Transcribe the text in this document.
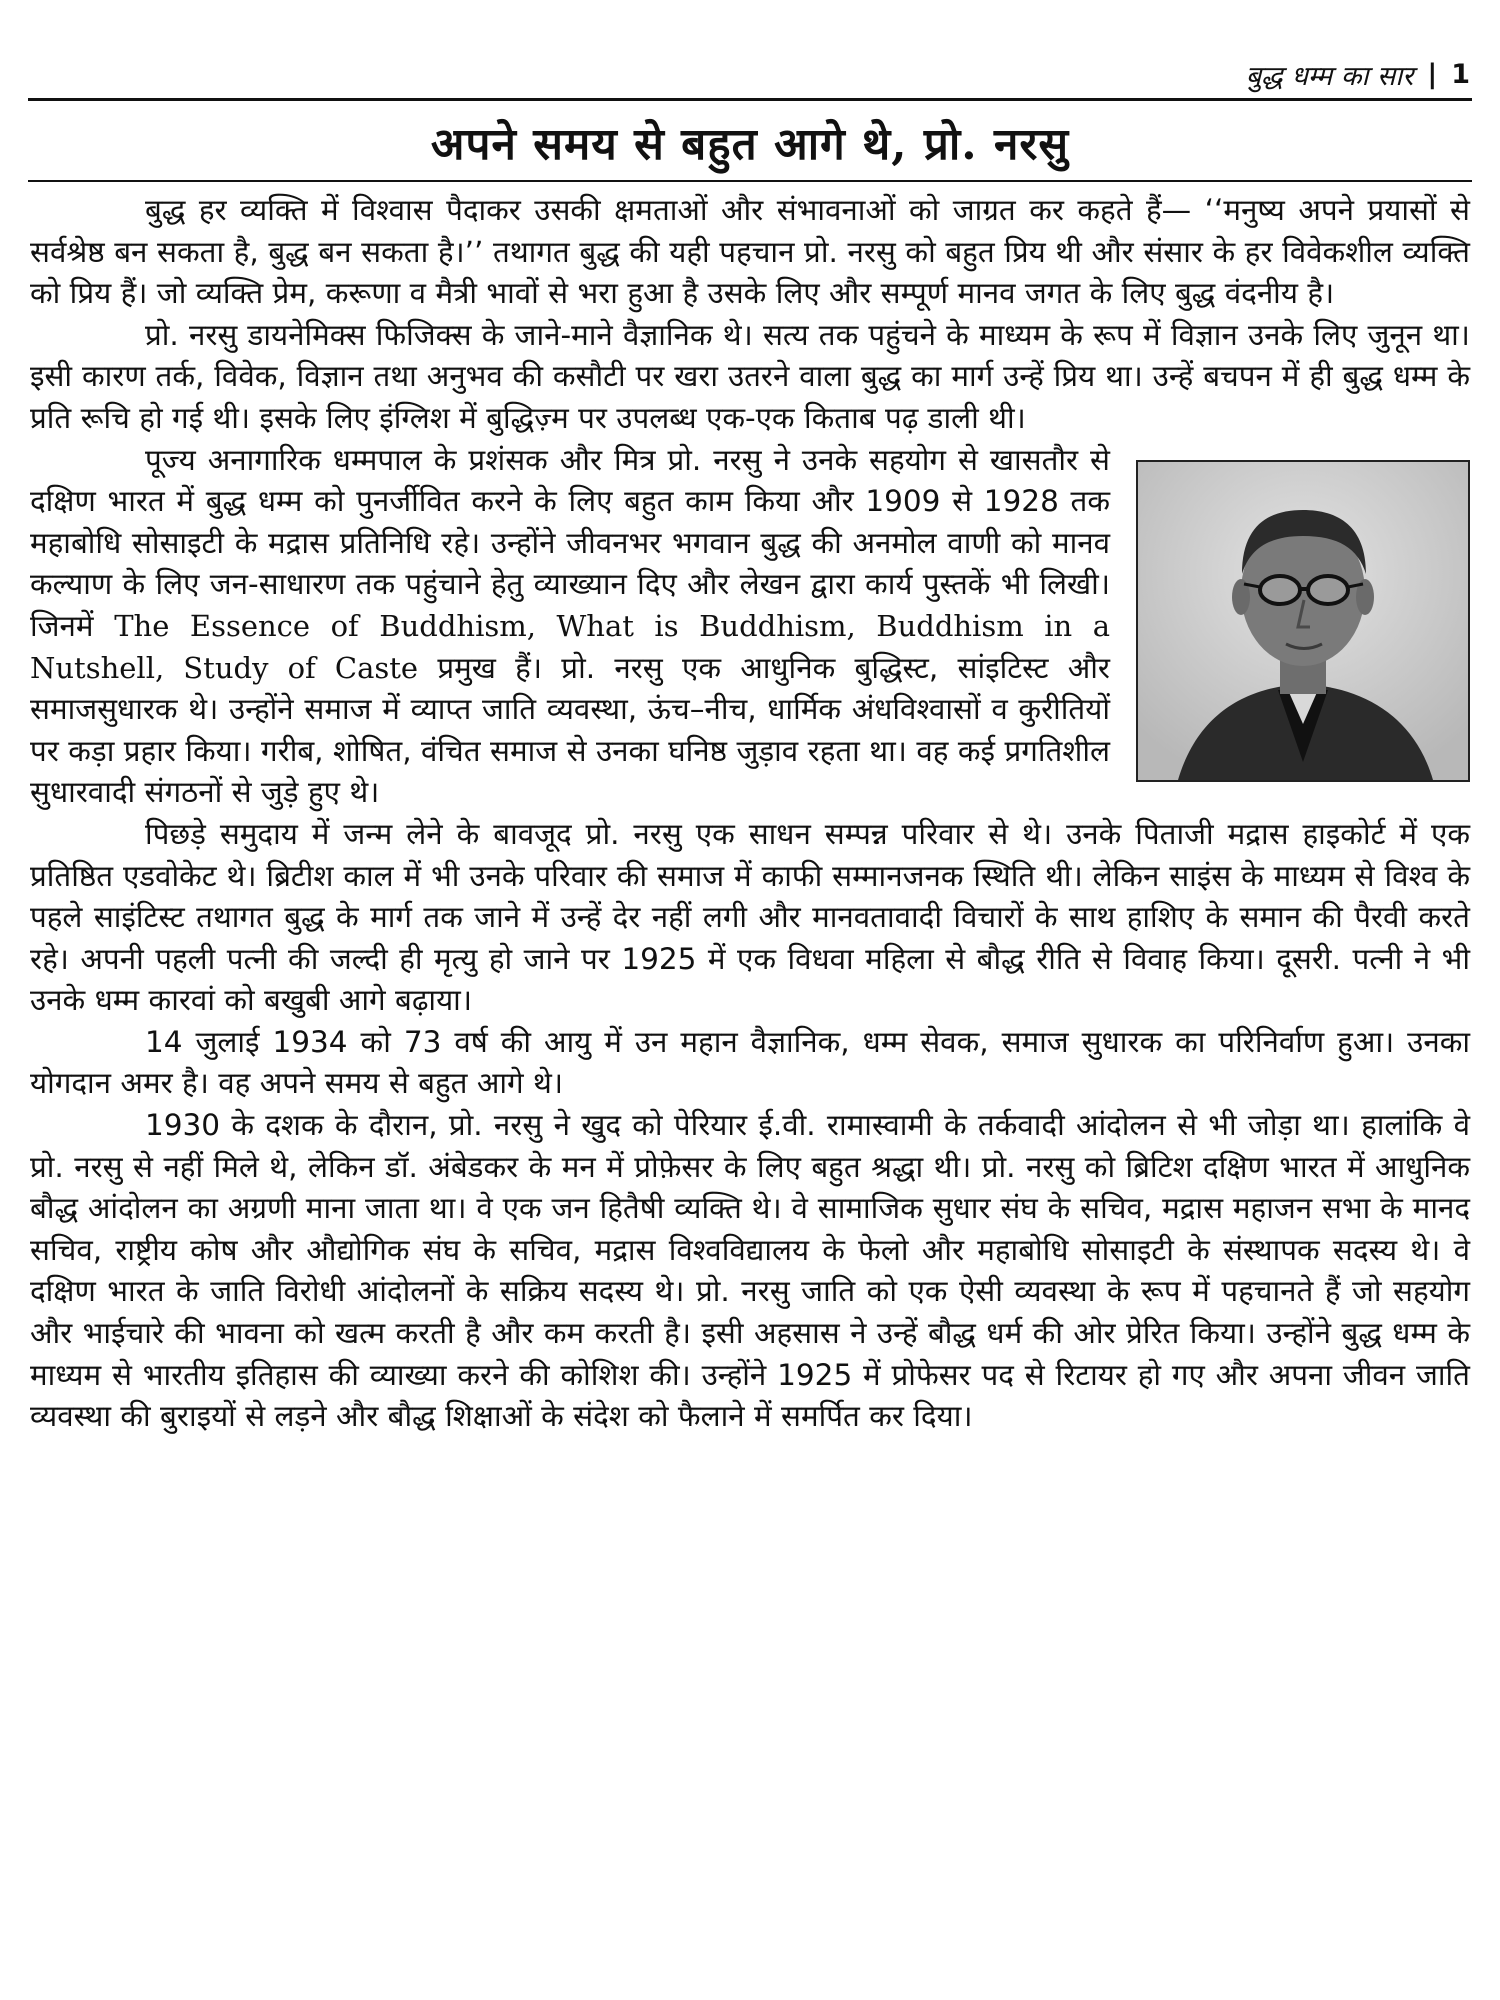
बुद्ध धम्म का सार | 1
अपने समय से बहुत आगे थे, प्रो. नरसु

बुद्ध हर व्यक्ति में विश्वास पैदाकर उसकी क्षमताओं और संभावनाओं को जाग्रत कर कहते हैं— ‘‘मनुष्य अपने प्रयासों से सर्वश्रेष्ठ बन सकता है, बुद्ध बन सकता है।’’ तथागत बुद्ध की यही पहचान प्रो. नरसु को बहुत प्रिय थी और संसार के हर विवेकशील व्यक्ति को प्रिय हैं। जो व्यक्ति प्रेम, करूणा व मैत्री भावों से भरा हुआ है उसके लिए और सम्पूर्ण मानव जगत के लिए बुद्ध वंदनीय है।

प्रो. नरसु डायनेमिक्स फिजिक्स के जाने-माने वैज्ञानिक थे। सत्य तक पहुंचने के माध्यम के रूप में विज्ञान उनके लिए जुनून था। इसी कारण तर्क, विवेक, विज्ञान तथा अनुभव की कसौटी पर खरा उतरने वाला बुद्ध का मार्ग उन्हें प्रिय था। उन्हें बचपन में ही बुद्ध धम्म के प्रति रूचि हो गई थी। इसके लिए इंग्लिश में बुद्धिज़्म पर उपलब्ध एक-एक किताब पढ़ डाली थी।

पूज्य अनागारिक धम्मपाल के प्रशंसक और मित्र प्रो. नरसु ने उनके सहयोग से खासतौर से दक्षिण भारत में बुद्ध धम्म को पुनर्जीवित करने के लिए बहुत काम किया और 1909 से 1928 तक महाबोधि सोसाइटी के मद्रास प्रतिनिधि रहे। उन्होंने जीवनभर भगवान बुद्ध की अनमोल वाणी को मानव कल्याण के लिए जन-साधारण तक पहुंचाने हेतु व्याख्यान दिए और लेखन द्वारा कार्य पुस्तकें भी लिखी। जिनमें The Essence of Buddhism, What is Buddhism, Buddhism in a Nutshell, Study of Caste प्रमुख हैं। प्रो. नरसु एक आधुनिक बुद्धिस्ट, सांइटिस्ट और समाजसुधारक थे। उन्होंने समाज में व्याप्त जाति व्यवस्था, ऊंच–नीच, धार्मिक अंधविश्वासों व कुरीतियों पर कड़ा प्रहार किया। गरीब, शोषित, वंचित समाज से उनका घनिष्ठ जुड़ाव रहता था। वह कई प्रगतिशील सुधारवादी संगठनों से जुड़े हुए थे।

पिछड़े समुदाय में जन्म लेने के बावजूद प्रो. नरसु एक साधन सम्पन्न परिवार से थे। उनके पिताजी मद्रास हाइकोर्ट में एक प्रतिष्ठित एडवोकेट थे। ब्रिटीश काल में भी उनके परिवार की समाज में काफी सम्मानजनक स्थिति थी। लेकिन साइंस के माध्यम से विश्व के पहले साइंटिस्ट तथागत बुद्ध के मार्ग तक जाने में उन्हें देर नहीं लगी और मानवतावादी विचारों के साथ हाशिए के समान की पैरवी करते रहे। अपनी पहली पत्नी की जल्दी ही मृत्यु हो जाने पर 1925 में एक विधवा महिला से बौद्ध रीति से विवाह किया। दूसरी. पत्नी ने भी उनके धम्म कारवां को बखुबी आगे बढ़ाया।

14 जुलाई 1934 को 73 वर्ष की आयु में उन महान वैज्ञानिक, धम्म सेवक, समाज सुधारक का परिनिर्वाण हुआ। उनका योगदान अमर है। वह अपने समय से बहुत आगे थे।

1930 के दशक के दौरान, प्रो. नरसु ने खुद को पेरियार ई.वी. रामास्वामी के तर्कवादी आंदोलन से भी जोड़ा था। हालांकि वे प्रो. नरसु से नहीं मिले थे, लेकिन डॉ. अंबेडकर के मन में प्रोफ़ेसर के लिए बहुत श्रद्धा थी। प्रो. नरसु को ब्रिटिश दक्षिण भारत में आधुनिक बौद्ध आंदोलन का अग्रणी माना जाता था। वे एक जन हितैषी व्यक्ति थे। वे सामाजिक सुधार संघ के सचिव, मद्रास महाजन सभा के मानद सचिव, राष्ट्रीय कोष और औद्योगिक संघ के सचिव, मद्रास विश्वविद्यालय के फेलो और महाबोधि सोसाइटी के संस्थापक सदस्य थे। वे दक्षिण भारत के जाति विरोधी आंदोलनों के सक्रिय सदस्य थे। प्रो. नरसु जाति को एक ऐसी व्यवस्था के रूप में पहचानते हैं जो सहयोग और भाईचारे की भावना को खत्म करती है और कम करती है। इसी अहसास ने उन्हें बौद्ध धर्म की ओर प्रेरित किया। उन्होंने बुद्ध धम्म के माध्यम से भारतीय इतिहास की व्याख्या करने की कोशिश की। उन्होंने 1925 में प्रोफेसर पद से रिटायर हो गए और अपना जीवन जाति व्यवस्था की बुराइयों से लड़ने और बौद्ध शिक्षाओं के संदेश को फैलाने में समर्पित कर दिया।
